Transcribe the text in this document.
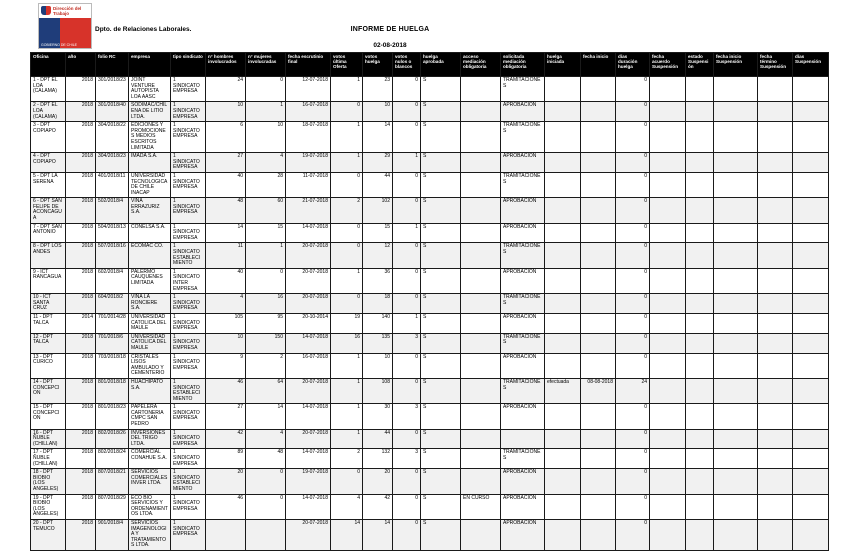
Dirección del Trabajo
GOBIERNO DE CHILE
Dpto. de Relaciones Laborales.	INFORME DE HUELGA
02-08-2018
Oficina	año	folio RC	empresa	tipo sindicato	n° hombres involucrados	n° mujeres involucradas	fecha escrutinio final	votos última Oferta	votos huelga	votos nulos o blancos	huelga aprobada	acceso mediación obligatoria	solicitada mediación obligatoria	huelga iniciada	fecha inicio	días duración huelga	fecha acuerdo Suspensión	estado Suspensión	fecha inicio Suspensión	fecha término Suspensión	días Suspensión
1 - DPT EL LOA (CALAMA)	2018	301/2018/23	JOINT VENTURE AUTOPISTA LOA AASC	1 SINDICATO EMPRESA	24	0	12-07-2018	1	23	0	S		TRAMITACIONES			0					
2 - DPT EL LOA (CALAMA)	2018	301/2018/40	SODIMAC/CHILENA DE LITIO LTDA.	1 SINDICATO EMPRESA	10	1	16-07-2018	0	10	0	S		APROBACION			0					
3 - DPT COPIAPO	2018	304/2018/22	EDICIONES Y PROMOCIONES MEDIOS ESCRITOS LIMITADA	1 SINDICATO EMPRESA	6	10	18-07-2018	1	14	0	S		TRAMITACIONES			0					
4 - DPT COPIAPO	2018	304/2018/23	IMADA S.A.	1 SINDICATO EMPRESA	27	4	19-07-2018	1	29	1	S		APROBACION			0					
5 - DPT LA SERENA	2018	401/2018/11	UNIVERSIDAD TECNOLOGICA DE CHILE INACAP	1 SINDICATO EMPRESA	40	28	11-07-2018	0	44	0	S		TRAMITACIONES			0					
6 - DPT SAN FELIPE DE ACONCAGUA	2018	502/2018/4	VIÑA ERRAZURIZ S.A.	1 SINDICATO EMPRESA	48	60	21-07-2018	2	102	0	S		APROBACION			0					
7 - DPT SAN ANTONIO	2018	504/2018/13	CONELSA S.A.	1 SINDICATO EMPRESA	14	15	14-07-2018	0	15	1	S		APROBACION			0					
8 - DPT LOS ANDES	2018	507/2018/16	ECOMAC CO.	1 SINDICATO ESTABLECIMIENTO	11	1	20-07-2018	0	12	0	S		TRAMITACIONES			0					
9 - ICT RANCAGUA	2018	602/2018/4	PALERMO CAUQUENES LIMITADA	1 SINDICATO INTER EMPRESA	40	0	20-07-2018	1	36	0	S		APROBACION			0					
10 - ICT SANTA CRUZ	2018	604/2018/2	VIÑA LA RONCIERE S.A.	1 SINDICATO EMPRESA	4	16	20-07-2018	0	18	0	S		TRAMITACIONES			0					
11 - DPT TALCA	2014	701/2014/28	UNIVERSIDAD CATOLICA DEL MAULE	1 SINDICATO EMPRESA	105	95	20-10-2014	19	140	1	S		APROBACION			0					
12 - DPT TALCA	2018	701/2018/6	UNIVERSIDAD CATOLICA DEL MAULE	1 SINDICATO EMPRESA	10	150	14-07-2018	16	135	3	S		TRAMITACIONES			0					
13 - DPT CURICO	2018	703/2018/18	CRISTALES LISOS AMBULADO Y CEMENTERIO	1 SINDICATO EMPRESA	9	2	16-07-2018	1	10	0	S		APROBACION			0					
14 - DPT CONCEPCION	2018	801/2018/18	HUACHIPATO S.A.	1 SINDICATO ESTABLECIMIENTO	46	64	20-07-2018	1	108	0	S		TRAMITACIONES	efectuada	08-08-2018	24					
15 - DPT CONCEPCION	2018	801/2018/23	PAPELERA CARTONERIA CMPC SAN PEDRO	1 SINDICATO EMPRESA	27	14	14-07-2018	1	30	3	S		APROBACION			0					
16 - DPT ÑUBLE (CHILLAN)	2018	802/2018/26	INVERSIONES DEL TRIGO LTDA.	1 SINDICATO EMPRESA	42	4	20-07-2018	1	44	0	S					0					
17 - DPT ÑUBLE (CHILLAN)	2018	802/2018/24	COMERCIAL CONAHUE S.A.	1 SINDICATO EMPRESA	89	48	14-07-2018	2	132	3	S		TRAMITACIONES			0					
18 - DPT BIOBIO (LOS ANGELES)	2018	807/2018/21	SERVICIOS COMERCIALES INVER LTDA.	1 SINDICATO ESTABLECIMIENTO	20	0	19-07-2018	0	20	0	S		APROBACION			0					
19 - DPT BIOBIO (LOS ANGELES)	2018	807/2018/29	ECO BIO SERVICIOS Y ORDENAMIENTOS LTDA.	1 SINDICATO EMPRESA	46	0	14-07-2018	4	42	0	S	EN CURSO	APROBACION			0					
20 - DPT TEMUCO	2018	901/2018/4	SERVICIOS IMAGENOLOGIA Y TRATAMIENTOS LTDA.	1 SINDICATO EMPRESA			20-07-2018	14	14	0	S		APROBACION			0					
